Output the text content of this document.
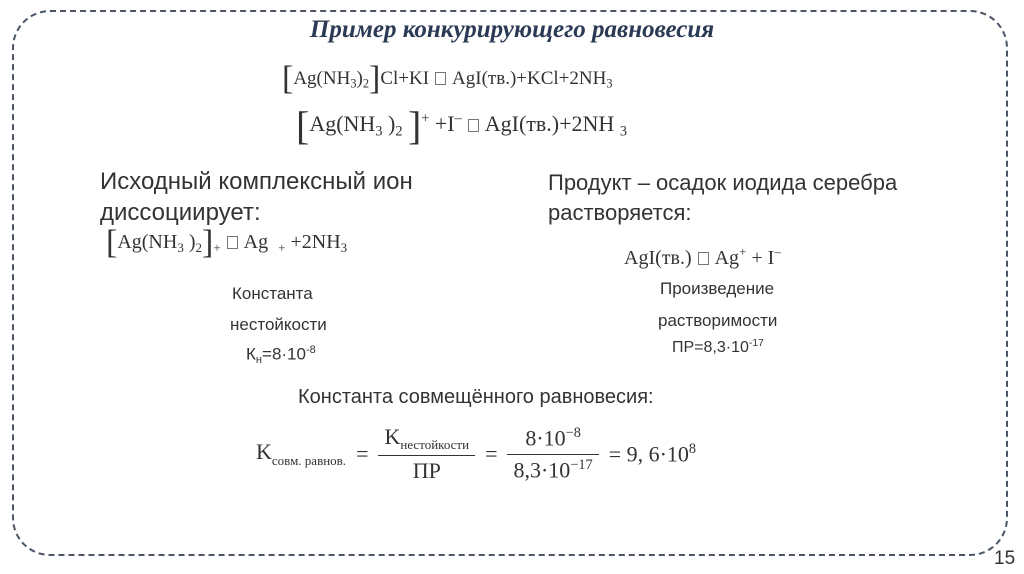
Пример конкурирующего равновесия
$[Ag(NH_3)_2]Cl+KI$ $AgI(тв.)+KCl+2NH_3$
[$Ag(NH_3$ )$_2$ ]+ +I– AgI(тв.)+2NH $_3$
Исходный комплексный ион диссоциирует:
[$Ag(NH_3$ )$_2]_+$ Ag $_+ +2NH_3$
Константа
нестойкости
$К_н=8\cdot 10^{-8}$
Продукт – осадок иодида серебра
растворяется:
AgI(тв.) Ag+ + I–
Произведение
растворимости
$ПР=8,3\cdot 10^{-17}$
Константа совмещённого равновесия:
$K_{совм. равнов.} = \frac{K_{нестойкости}}{ПР} = \frac{8\cdot 10^{-8}}{8,3\cdot 10^{-17}} = 9$, $6\cdot 10^8$
15
